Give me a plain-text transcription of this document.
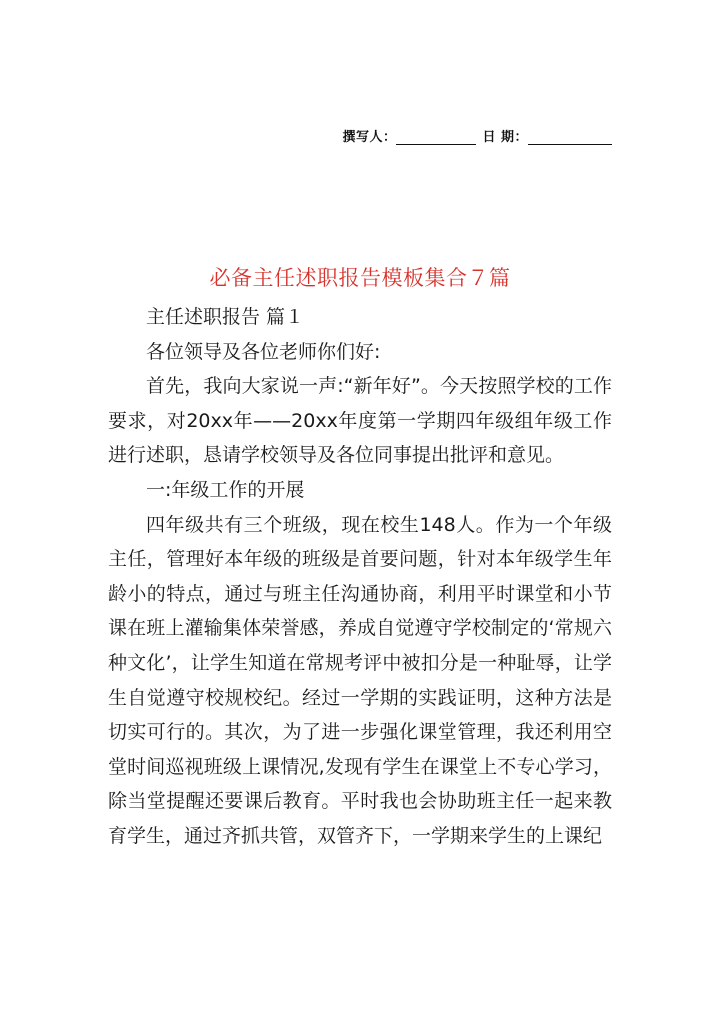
撰写人：	日 期：
必备主任述职报告模板集合７篇

主任述职报告 篇１

各位领导及各位老师你们好:

首先，我向大家说一声:“新年好”。今天按照学校的工作要求，对20xx年——20xx年度第一学期四年级组年级工作进行述职，恳请学校领导及各位同事提出批评和意见。

一:年级工作的开展

四年级共有三个班级，现在校生148人。作为一个年级主任，管理好本年级的班级是首要问题，针对本年级学生年龄小的特点，通过与班主任沟通协商，利用平时课堂和小节课在班上灌输集体荣誉感，养成自觉遵守学校制定的‘常规六种文化’，让学生知道在常规考评中被扣分是一种耻辱，让学生自觉遵守校规校纪。经过一学期的实践证明，这种方法是切实可行的。其次，为了进一步强化课堂管理，我还利用空堂时间巡视班级上课情况,发现有学生在课堂上不专心学习，除当堂提醒还要课后教育。平时我也会协助班主任一起来教育学生，通过齐抓共管，双管齐下，一学期来学生的上课纪
